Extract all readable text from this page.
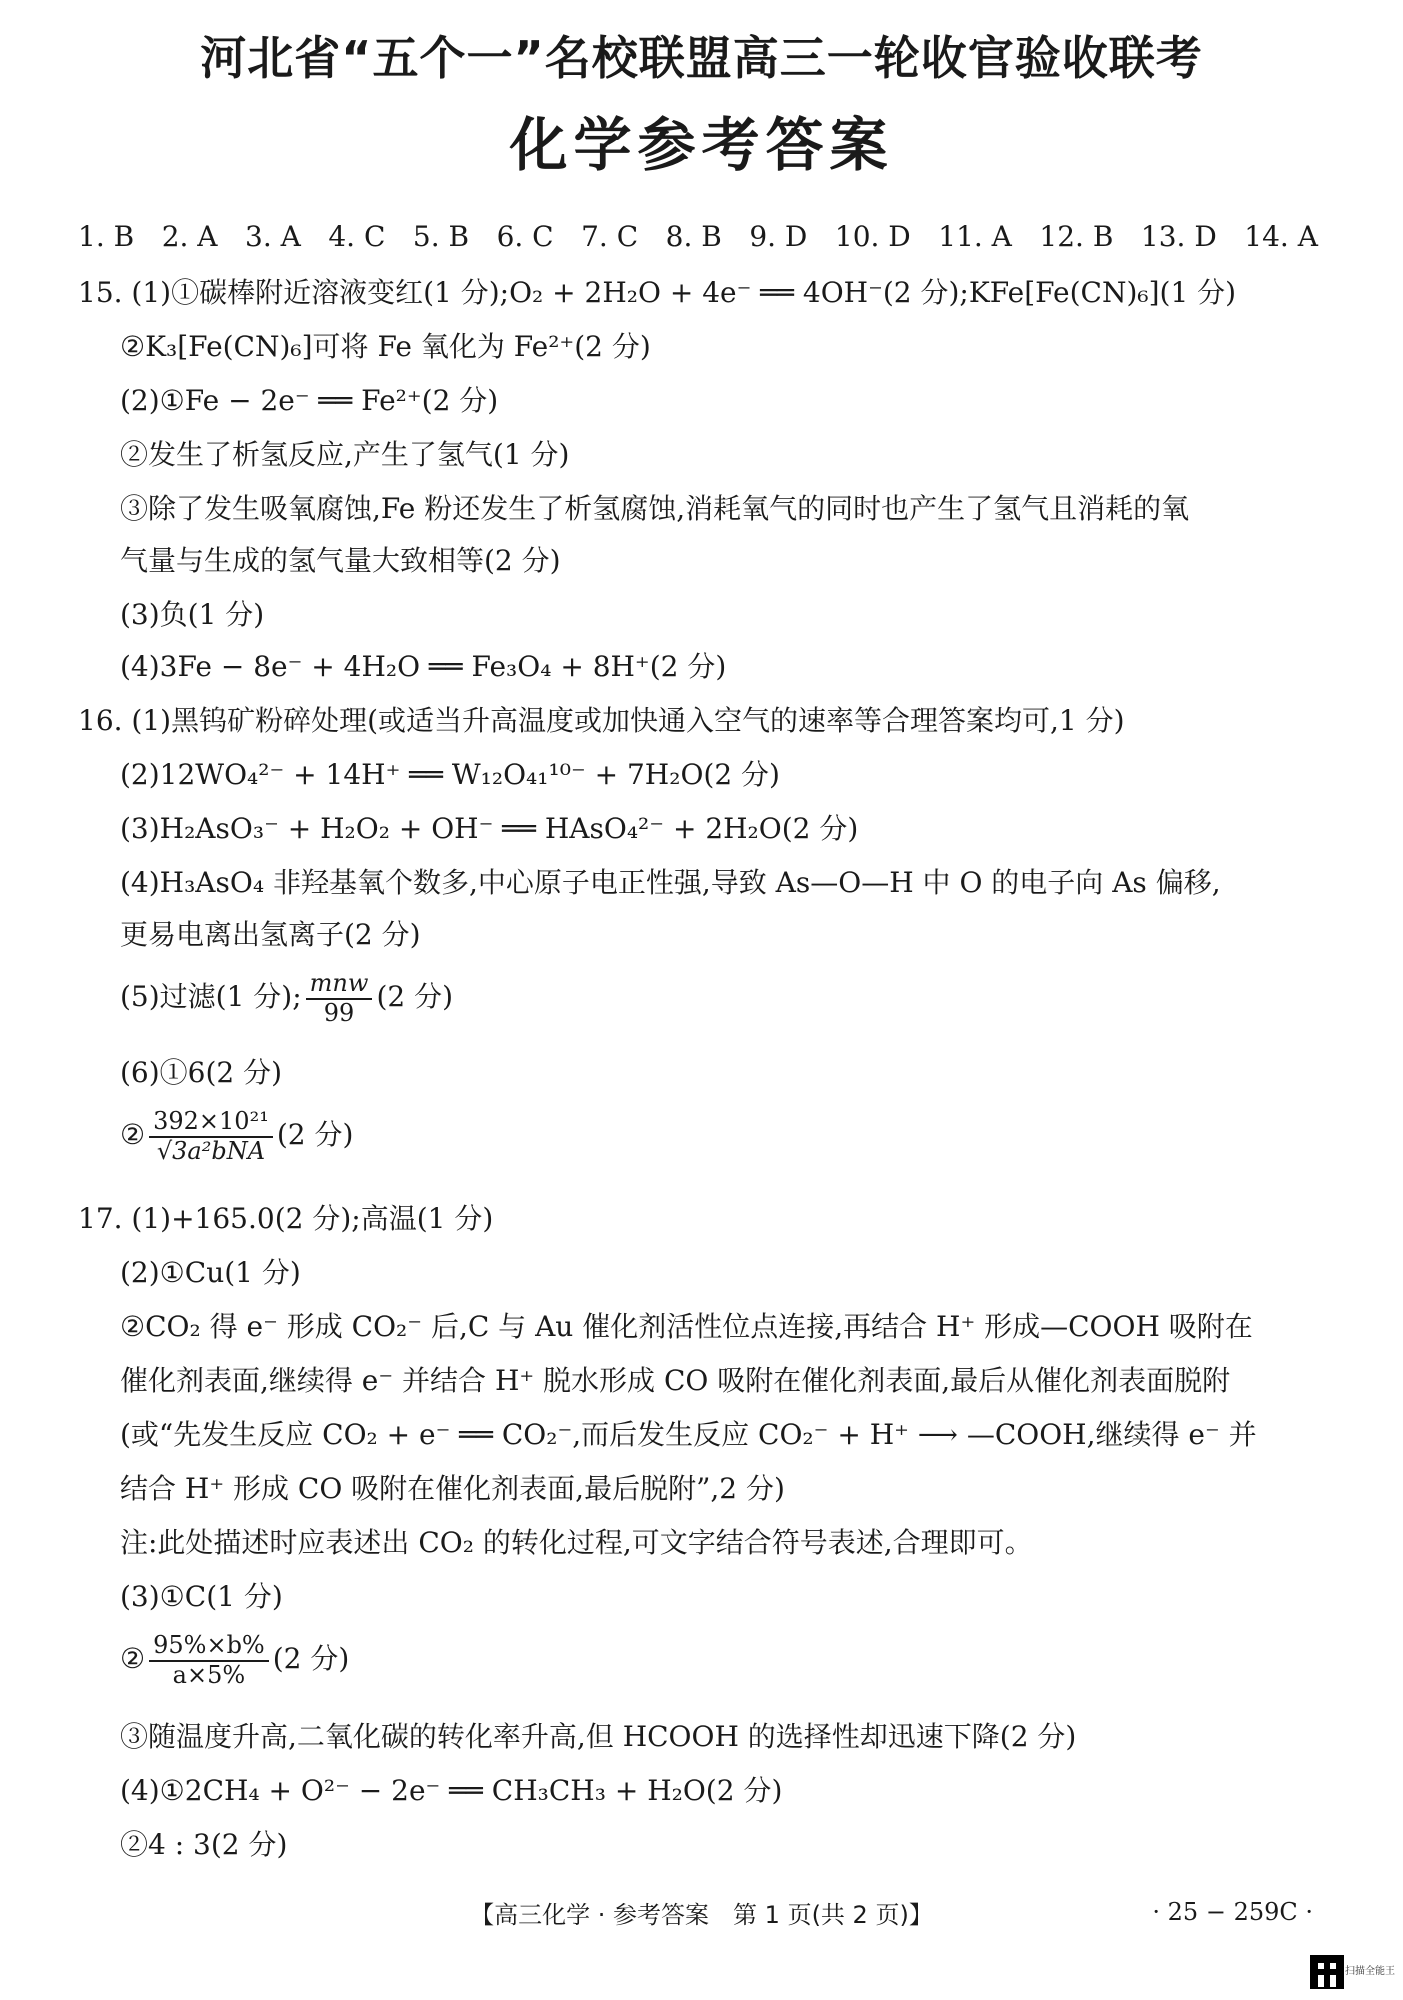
河北省“五个一”名校联盟高三一轮收官验收联考
化学参考答案
1. B 2. A 3. A 4. C 5. B 6. C 7. C 8. B 9. D 10. D 11. A 12. B 13. D 14. A
15. (1)①碳棒附近溶液变红(1 分);O₂ + 2H₂O + 4e⁻ ══ 4OH⁻(2 分);KFe[Fe(CN)₆](1 分)
②K₃[Fe(CN)₆]可将 Fe 氧化为 Fe²⁺(2 分)
(2)①Fe − 2e⁻ ══ Fe²⁺(2 分)
②发生了析氢反应,产生了氢气(1 分)
③除了发生吸氧腐蚀,Fe 粉还发生了析氢腐蚀,消耗氧气的同时也产生了氢气且消耗的氧
气量与生成的氢气量大致相等(2 分)
(3)负(1 分)
(4)3Fe − 8e⁻ + 4H₂O ══ Fe₃O₄ + 8H⁺(2 分)
16. (1)黑钨矿粉碎处理(或适当升高温度或加快通入空气的速率等合理答案均可,1 分)
(2)12WO₄²⁻ + 14H⁺ ══ W₁₂O₄₁¹⁰⁻ + 7H₂O(2 分)
(3)H₂AsO₃⁻ + H₂O₂ + OH⁻ ══ HAsO₄²⁻ + 2H₂O(2 分)
(4)H₃AsO₄ 非羟基氧个数多,中心原子电正性强,导致 As—O—H 中 O 的电子向 As 偏移,
更易电离出氢离子(2 分)
(5)过滤(1 分); $\frac{\text{mnw}}{99} (2$ 分)
(6)①6(2 分)
② $\frac{\text{392×10²¹}}{\text{√3a²bNA}} (2$ 分)
17. (1)+165.0(2 分);高温(1 分)
(2)①Cu(1 分)
②CO₂ 得 e⁻ 形成 CO₂⁻ 后,C 与 Au 催化剂活性位点连接,再结合 H⁺ 形成—COOH 吸附在
催化剂表面,继续得 e⁻ 并结合 H⁺ 脱水形成 CO 吸附在催化剂表面,最后从催化剂表面脱附
(或“先发生反应 CO₂ + e⁻ ══ CO₂⁻,而后发生反应 CO₂⁻ + H⁺ ⟶ —COOH,继续得 e⁻ 并
结合 H⁺ 形成 CO 吸附在催化剂表面,最后脱附”,2 分)
注:此处描述时应表述出 CO₂ 的转化过程,可文字结合符号表述,合理即可。
(3)①C(1 分)
② $\frac{95\%\times b\%}{a\times 5\%} (2$ 分)
③随温度升高,二氧化碳的转化率升高,但 HCOOH 的选择性却迅速下降(2 分)
(4)①2CH₄ + O²⁻ − 2e⁻ ══ CH₃CH₃ + H₂O(2 分)
②4 : 3(2 分)
【高三化学 · 参考答案　第 1 页(共 2 页)】	· 25 − 259C ·
扫描全能王
